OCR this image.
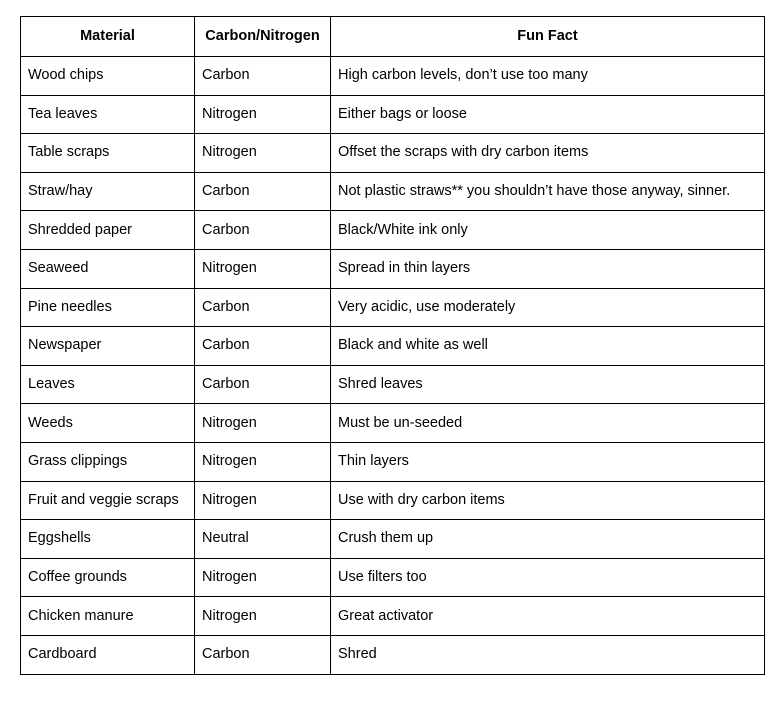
Material	Carbon/Nitrogen	Fun Fact
Wood chips	Carbon	High carbon levels, don’t use too many
Tea leaves	Nitrogen	Either bags or loose
Table scraps	Nitrogen	Offset the scraps with dry carbon items
Straw/hay	Carbon	Not plastic straws** you shouldn’t have those anyway, sinner.
Shredded paper	Carbon	Black/White ink only
Seaweed	Nitrogen	Spread in thin layers
Pine needles	Carbon	Very acidic, use moderately
Newspaper	Carbon	Black and white as well
Leaves	Carbon	Shred leaves
Weeds	Nitrogen	Must be un-seeded
Grass clippings	Nitrogen	Thin layers
Fruit and veggie scraps	Nitrogen	Use with dry carbon items
Eggshells	Neutral	Crush them up
Coffee grounds	Nitrogen	Use filters too
Chicken manure	Nitrogen	Great activator
Cardboard	Carbon	Shred
